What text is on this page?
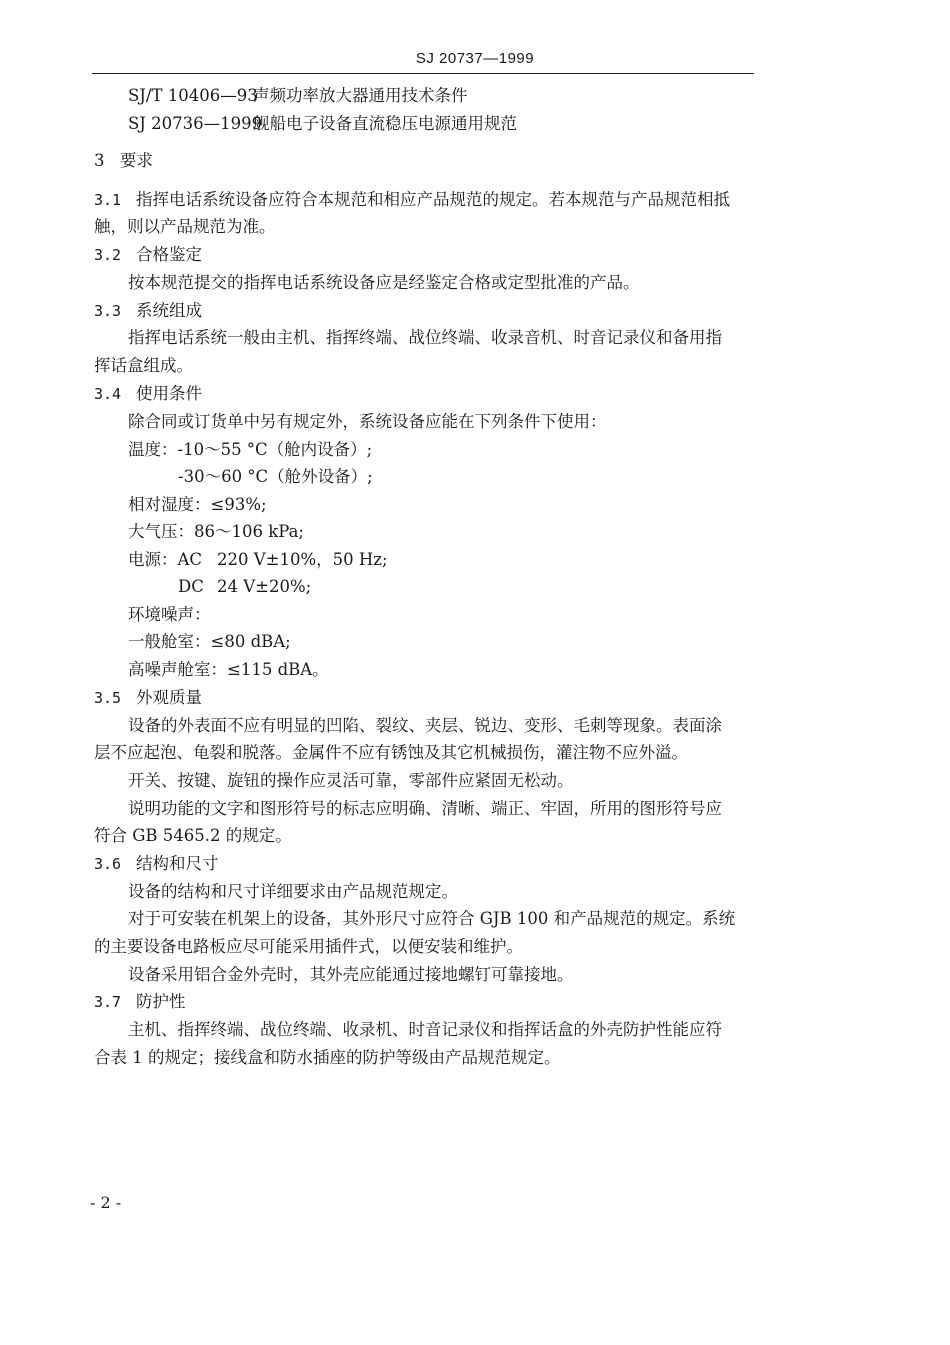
SJ 20737—1999
SJ/T 10406—93声频功率放大器通用技术条件
SJ 20736—1999舰船电子设备直流稳压电源通用规范
3 要求
3.1 指挥电话系统设备应符合本规范和相应产品规范的规定。若本规范与产品规范相抵
触，则以产品规范为准。
3.2 合格鉴定
按本规范提交的指挥电话系统设备应是经鉴定合格或定型批准的产品。
3.3 系统组成
指挥电话系统一般由主机、指挥终端、战位终端、收录音机、时音记录仪和备用指
挥话盒组成。
3.4 使用条件
除合同或订货单中另有规定外，系统设备应能在下列条件下使用：
温度：-10～55 °C（舱内设备）;
-30～60 °C（舱外设备）;
相对湿度：≤93%;
大气压：86～106 kPa;
电源：AC 220 V±10%，50 Hz;
DC 24 V±20%;
环境噪声：
一般舱室：≤80 dBA;
高噪声舱室：≤115 dBA。
3.5 外观质量
设备的外表面不应有明显的凹陷、裂纹、夹层、锐边、变形、毛刺等现象。表面涂
层不应起泡、龟裂和脱落。金属件不应有锈蚀及其它机械损伤，灌注物不应外溢。
开关、按键、旋钮的操作应灵活可靠，零部件应紧固无松动。
说明功能的文字和图形符号的标志应明确、清晰、端正、牢固，所用的图形符号应
符合 GB 5465.2 的规定。
3.6 结构和尺寸
设备的结构和尺寸详细要求由产品规范规定。
对于可安装在机架上的设备，其外形尺寸应符合 GJB 100 和产品规范的规定。系统
的主要设备电路板应尽可能采用插件式，以便安装和维护。
设备采用铝合金外壳时，其外壳应能通过接地螺钉可靠接地。
3.7 防护性
主机、指挥终端、战位终端、收录机、时音记录仪和指挥话盒的外壳防护性能应符
合表 1 的规定；接线盒和防水插座的防护等级由产品规范规定。
- 2 -
